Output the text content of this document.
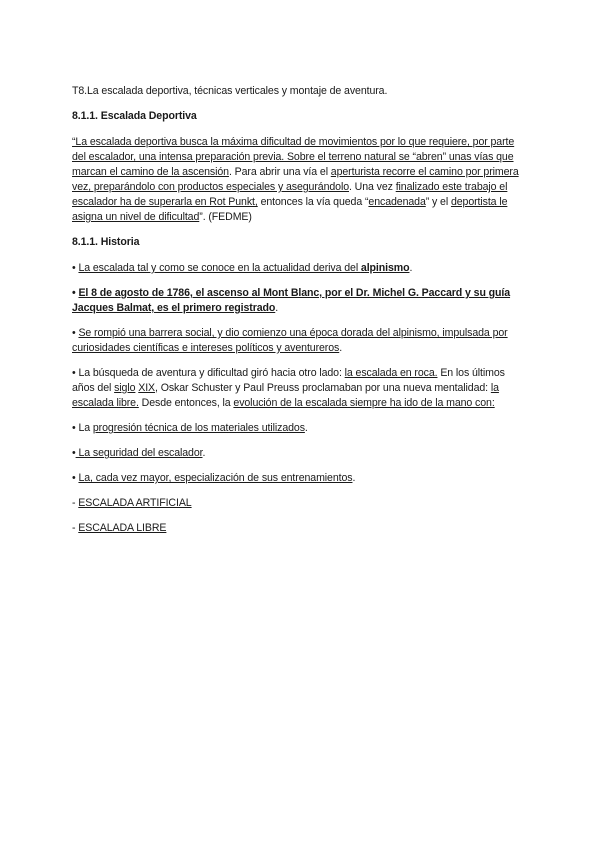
T8.La escalada deportiva, técnicas verticales y montaje de aventura.

8.1.1. Escalada Deportiva

“La escalada deportiva busca la máxima dificultad de movimientos por lo que requiere, por parte del escalador, una intensa preparación previa. Sobre el terreno natural se “abren” unas vías que marcan el camino de la ascensión. Para abrir una vía el aperturista recorre el camino por primera vez, preparándolo con productos especiales y asegurándolo. Una vez finalizado este trabajo el escalador ha de superarla en Rot Punkt, entonces la vía queda “encadenada” y el deportista le asigna un nivel de dificultad”. (FEDME)

8.1.1. Historia

• La escalada tal y como se conoce en la actualidad deriva del alpinismo.

• El 8 de agosto de 1786, el ascenso al Mont Blanc, por el Dr. Michel G. Paccard y su guía Jacques Balmat, es el primero registrado.

• Se rompió una barrera social, y dio comienzo una época dorada del alpinismo, impulsada por curiosidades científicas e intereses políticos y aventureros.

• La búsqueda de aventura y dificultad giró hacia otro lado: la escalada en roca. En los últimos años del siglo XIX, Oskar Schuster y Paul Preuss proclamaban por una nueva mentalidad: la escalada libre. Desde entonces, la evolución de la escalada siempre ha ido de la mano con:

• La progresión técnica de los materiales utilizados.

• La seguridad del escalador.

• La, cada vez mayor, especialización de sus entrenamientos.

- ESCALADA ARTIFICIAL

- ESCALADA LIBRE
